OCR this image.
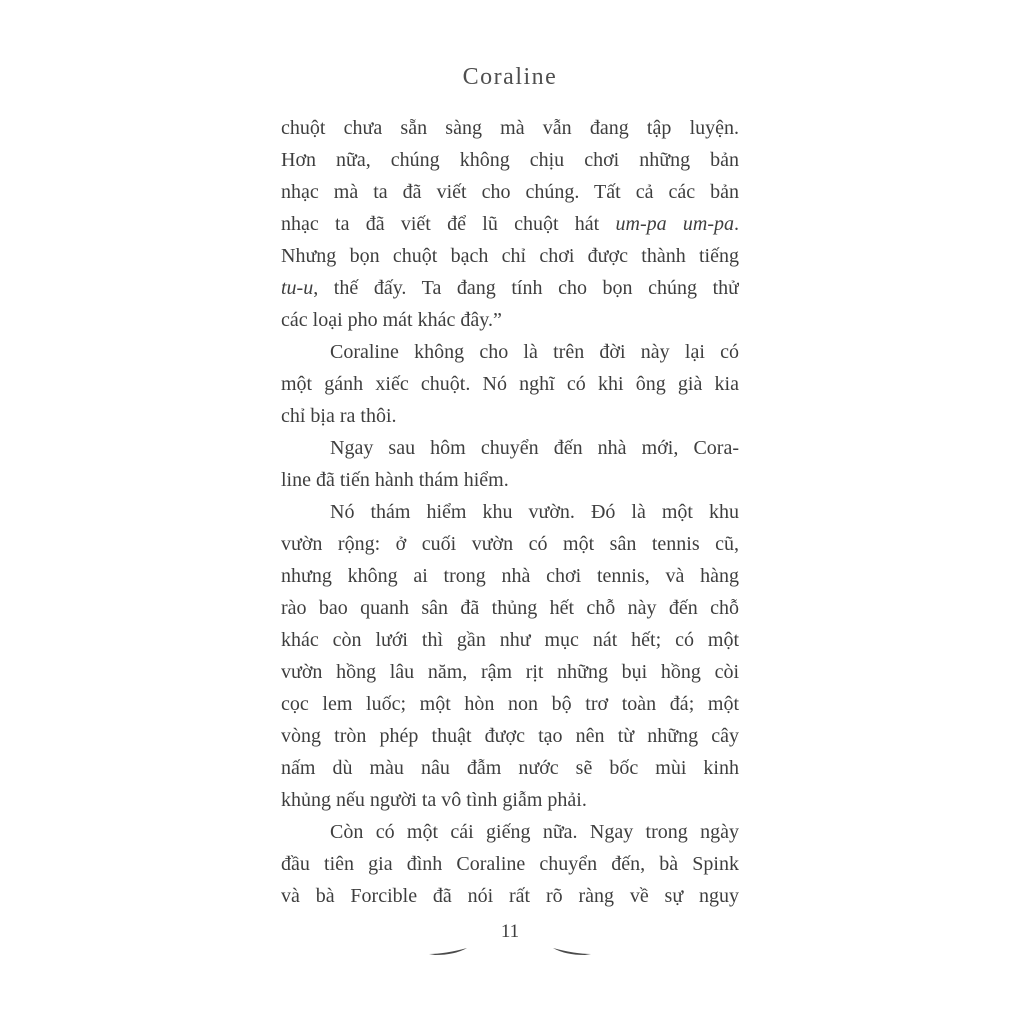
Coraline
chuột chưa sẵn sàng mà vẫn đang tập luyện.
Hơn nữa, chúng không chịu chơi những bản
nhạc mà ta đã viết cho chúng. Tất cả các bản
nhạc ta đã viết để lũ chuột hát um-pa um-pa.
Nhưng bọn chuột bạch chỉ chơi được thành tiếng
tu-u, thế đấy. Ta đang tính cho bọn chúng thử
các loại pho mát khác đây.”
Coraline không cho là trên đời này lại có
một gánh xiếc chuột. Nó nghĩ có khi ông già kia
chỉ bịa ra thôi.
Ngay sau hôm chuyển đến nhà mới, Cora-
line đã tiến hành thám hiểm.
Nó thám hiểm khu vườn. Đó là một khu
vườn rộng: ở cuối vườn có một sân tennis cũ,
nhưng không ai trong nhà chơi tennis, và hàng
rào bao quanh sân đã thủng hết chỗ này đến chỗ
khác còn lưới thì gần như mục nát hết; có một
vườn hồng lâu năm, rậm rịt những bụi hồng còi
cọc lem luốc; một hòn non bộ trơ toàn đá; một
vòng tròn phép thuật được tạo nên từ những cây
nấm dù màu nâu đẫm nước sẽ bốc mùi kinh
khủng nếu người ta vô tình giẫm phải.
Còn có một cái giếng nữa. Ngay trong ngày
đầu tiên gia đình Coraline chuyển đến, bà Spink
và bà Forcible đã nói rất rõ ràng về sự nguy
11
